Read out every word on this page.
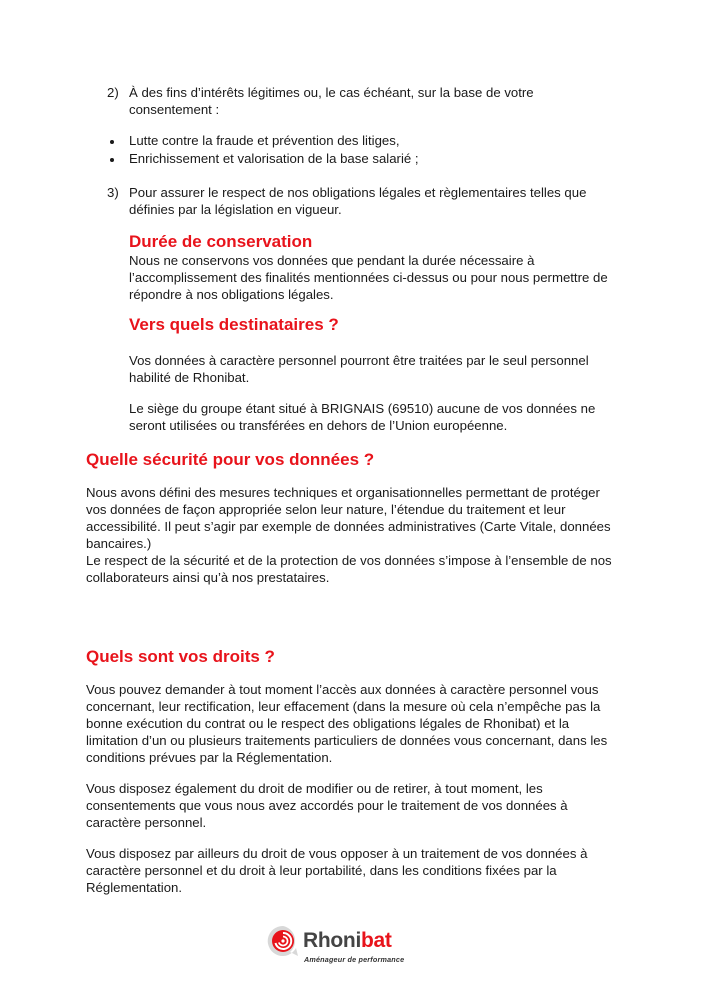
2) À des fins d’intérêts légitimes ou, le cas échéant, sur la base de votre

consentement :

Lutte contre la fraude et prévention des litiges,

Enrichissement et valorisation de la base salarié ;

3) Pour assurer le respect de nos obligations légales et règlementaires telles que

définies par la législation en vigueur.

Durée de conservation

Nous ne conservons vos données que pendant la durée nécessaire à

l’accomplissement des finalités mentionnées ci-dessus ou pour nous permettre de

répondre à nos obligations légales.

Vers quels destinataires ?

Vos données à caractère personnel pourront être traitées par le seul personnel

habilité de Rhonibat.

Le siège du groupe étant situé à BRIGNAIS (69510) aucune de vos données ne

seront utilisées ou transférées en dehors de l’Union européenne.

Quelle sécurité pour vos données ?

Nous avons défini des mesures techniques et organisationnelles permettant de protéger

vos données de façon appropriée selon leur nature, l’étendue du traitement et leur

accessibilité. Il peut s’agir par exemple de données administratives (Carte Vitale, données

bancaires.)

Le respect de la sécurité et de la protection de vos données s’impose à l’ensemble de nos

collaborateurs ainsi qu’à nos prestataires.

Quels sont vos droits ?

Vous pouvez demander à tout moment l’accès aux données à caractère personnel vous

concernant, leur rectification, leur effacement (dans la mesure où cela n’empêche pas la

bonne exécution du contrat ou le respect des obligations légales de Rhonibat) et la

limitation d’un ou plusieurs traitements particuliers de données vous concernant, dans les

conditions prévues par la Réglementation.

Vous disposez également du droit de modifier ou de retirer, à tout moment, les

consentements que vous nous avez accordés pour le traitement de vos données à

caractère personnel.

Vous disposez par ailleurs du droit de vous opposer à un traitement de vos données à

caractère personnel et du droit à leur portabilité, dans les conditions fixées par la

Réglementation.

Rhonibat
Aménageur de performance
